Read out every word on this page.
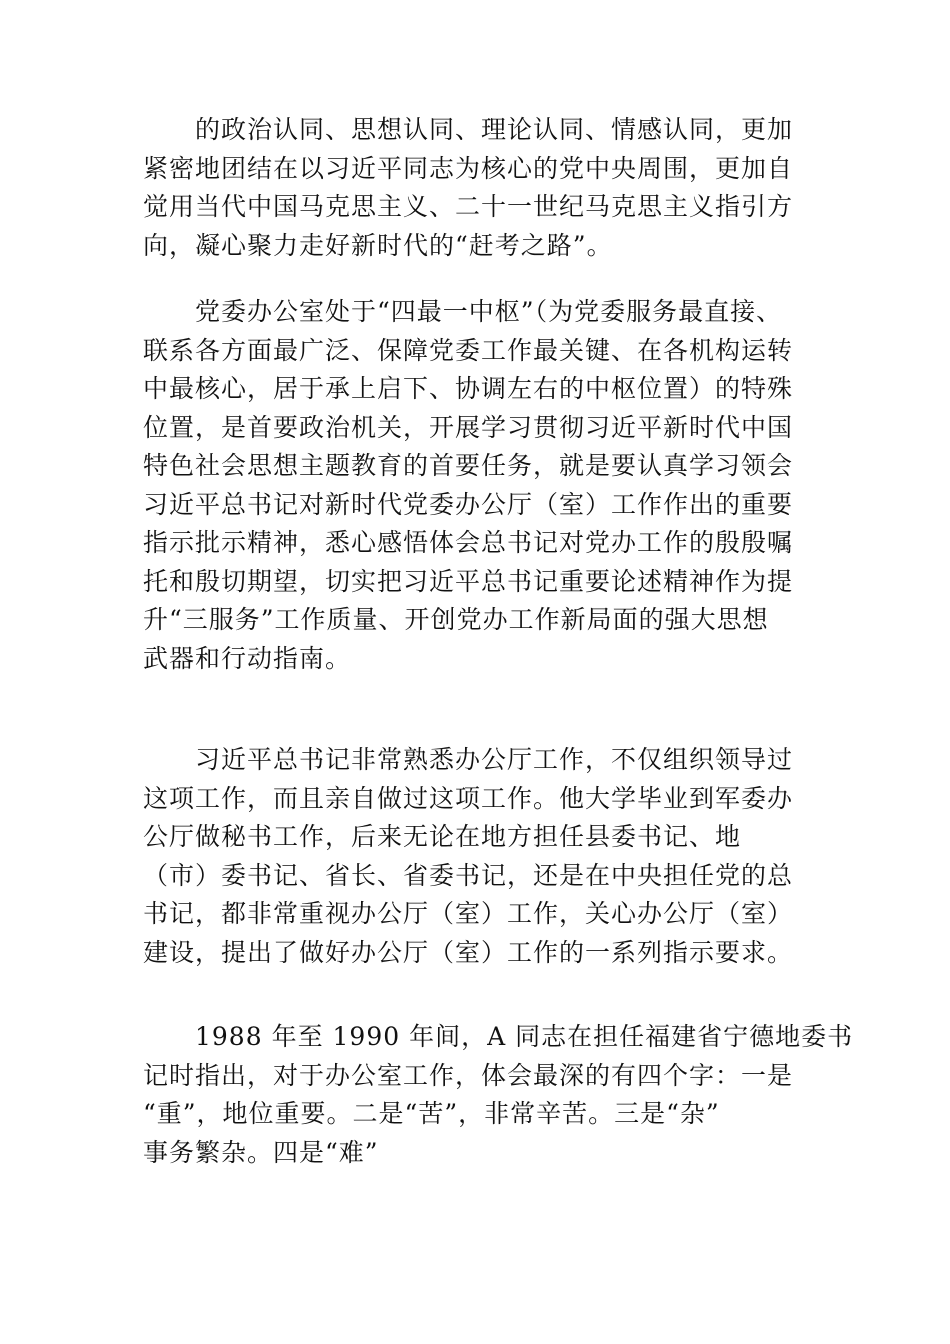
的政治认同、思想认同、理论认同、情感认同，更加
紧密地团结在以习近平同志为核心的党中央周围，更加自
觉用当代中国马克思主义、二十一世纪马克思主义指引方
向，凝心聚力走好新时代的“赶考之路”。
党委办公室处于“四最一中枢”（为党委服务最直接、
联系各方面最广泛、保障党委工作最关键、在各机构运转
中最核心，居于承上启下、协调左右的中枢位置）的特殊
位置，是首要政治机关，开展学习贯彻习近平新时代中国
特色社会思想主题教育的首要任务，就是要认真学习领会
习近平总书记对新时代党委办公厅（室）工作作出的重要
指示批示精神，悉心感悟体会总书记对党办工作的殷殷嘱
托和殷切期望，切实把习近平总书记重要论述精神作为提
升“三服务”工作质量、开创党办工作新局面的强大思想
武器和行动指南。
习近平总书记非常熟悉办公厅工作，不仅组织领导过
这项工作，而且亲自做过这项工作。他大学毕业到军委办
公厅做秘书工作，后来无论在地方担任县委书记、地
（市）委书记、省长、省委书记，还是在中央担任党的总
书记，都非常重视办公厅（室）工作，关心办公厅（室）
建设，提出了做好办公厅（室）工作的一系列指示要求。
1988 年至 1990 年间，A 同志在担任福建省宁德地委书
记时指出，对于办公室工作，体会最深的有四个字：一是
“重”，地位重要。二是“苦”，非常辛苦。三是“杂”
事务繁杂。四是“难”
